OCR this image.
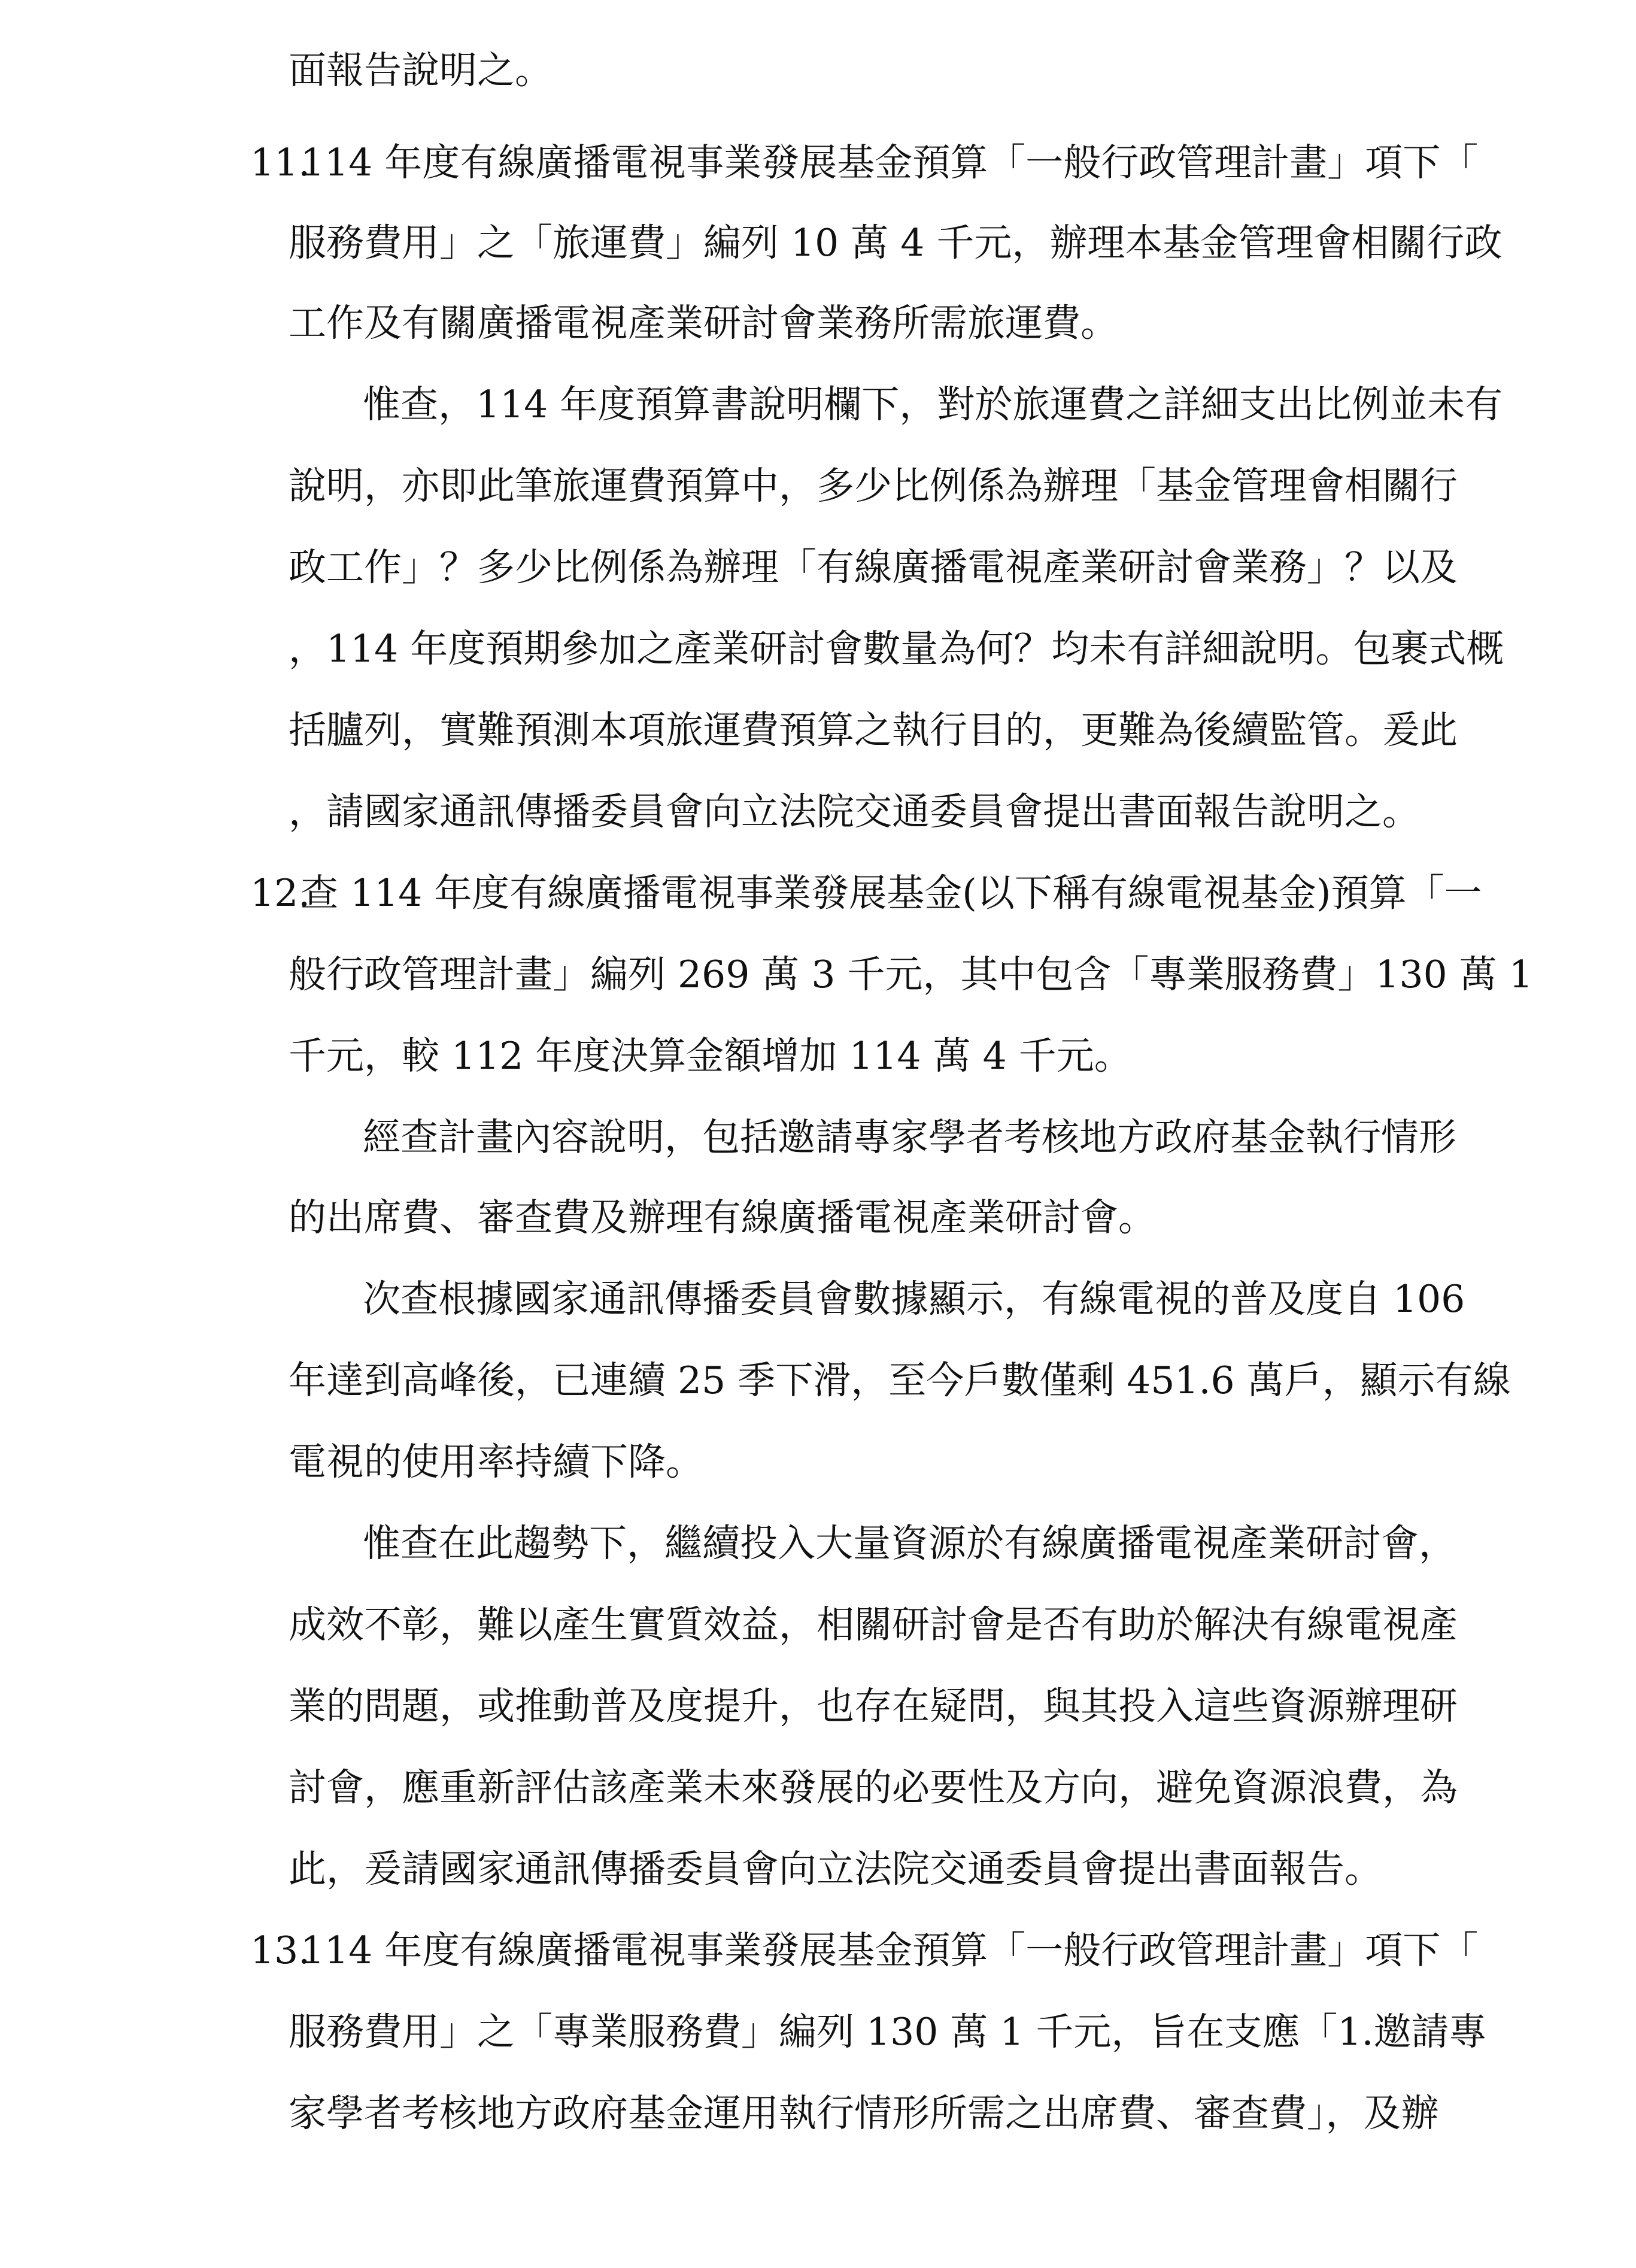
面報告說明之。
11.
114 年度有線廣播電視事業發展基金預算「一般行政管理計畫」項下「
服務費用」之「旅運費」編列 10 萬 4 千元，辦理本基金管理會相關行政
工作及有關廣播電視產業研討會業務所需旅運費。
惟查，114 年度預算書說明欄下，對於旅運費之詳細支出比例並未有
說明，亦即此筆旅運費預算中，多少比例係為辦理「基金管理會相關行
政工作」？多少比例係為辦理「有線廣播電視產業研討會業務」？以及
，114 年度預期參加之產業研討會數量為何？均未有詳細說明。包裹式概
括臚列，實難預測本項旅運費預算之執行目的，更難為後續監管。爰此
，請國家通訊傳播委員會向立法院交通委員會提出書面報告說明之。
12.
查 114 年度有線廣播電視事業發展基金(以下稱有線電視基金)預算「一
般行政管理計畫」編列 269 萬 3 千元，其中包含「專業服務費」130 萬 1
千元，較 112 年度決算金額增加 114 萬 4 千元。
經查計畫內容說明，包括邀請專家學者考核地方政府基金執行情形
的出席費、審查費及辦理有線廣播電視產業研討會。
次查根據國家通訊傳播委員會數據顯示，有線電視的普及度自 106
年達到高峰後，已連續 25 季下滑，至今戶數僅剩 451.6 萬戶，顯示有線
電視的使用率持續下降。
惟查在此趨勢下，繼續投入大量資源於有線廣播電視產業研討會，
成效不彰，難以產生實質效益，相關研討會是否有助於解決有線電視產
業的問題，或推動普及度提升，也存在疑問，與其投入這些資源辦理研
討會，應重新評估該產業未來發展的必要性及方向，避免資源浪費，為
此，爰請國家通訊傳播委員會向立法院交通委員會提出書面報告。
13.
114 年度有線廣播電視事業發展基金預算「一般行政管理計畫」項下「
服務費用」之「專業服務費」編列 130 萬 1 千元，旨在支應「1.邀請專
家學者考核地方政府基金運用執行情形所需之出席費、審查費」，及辦
